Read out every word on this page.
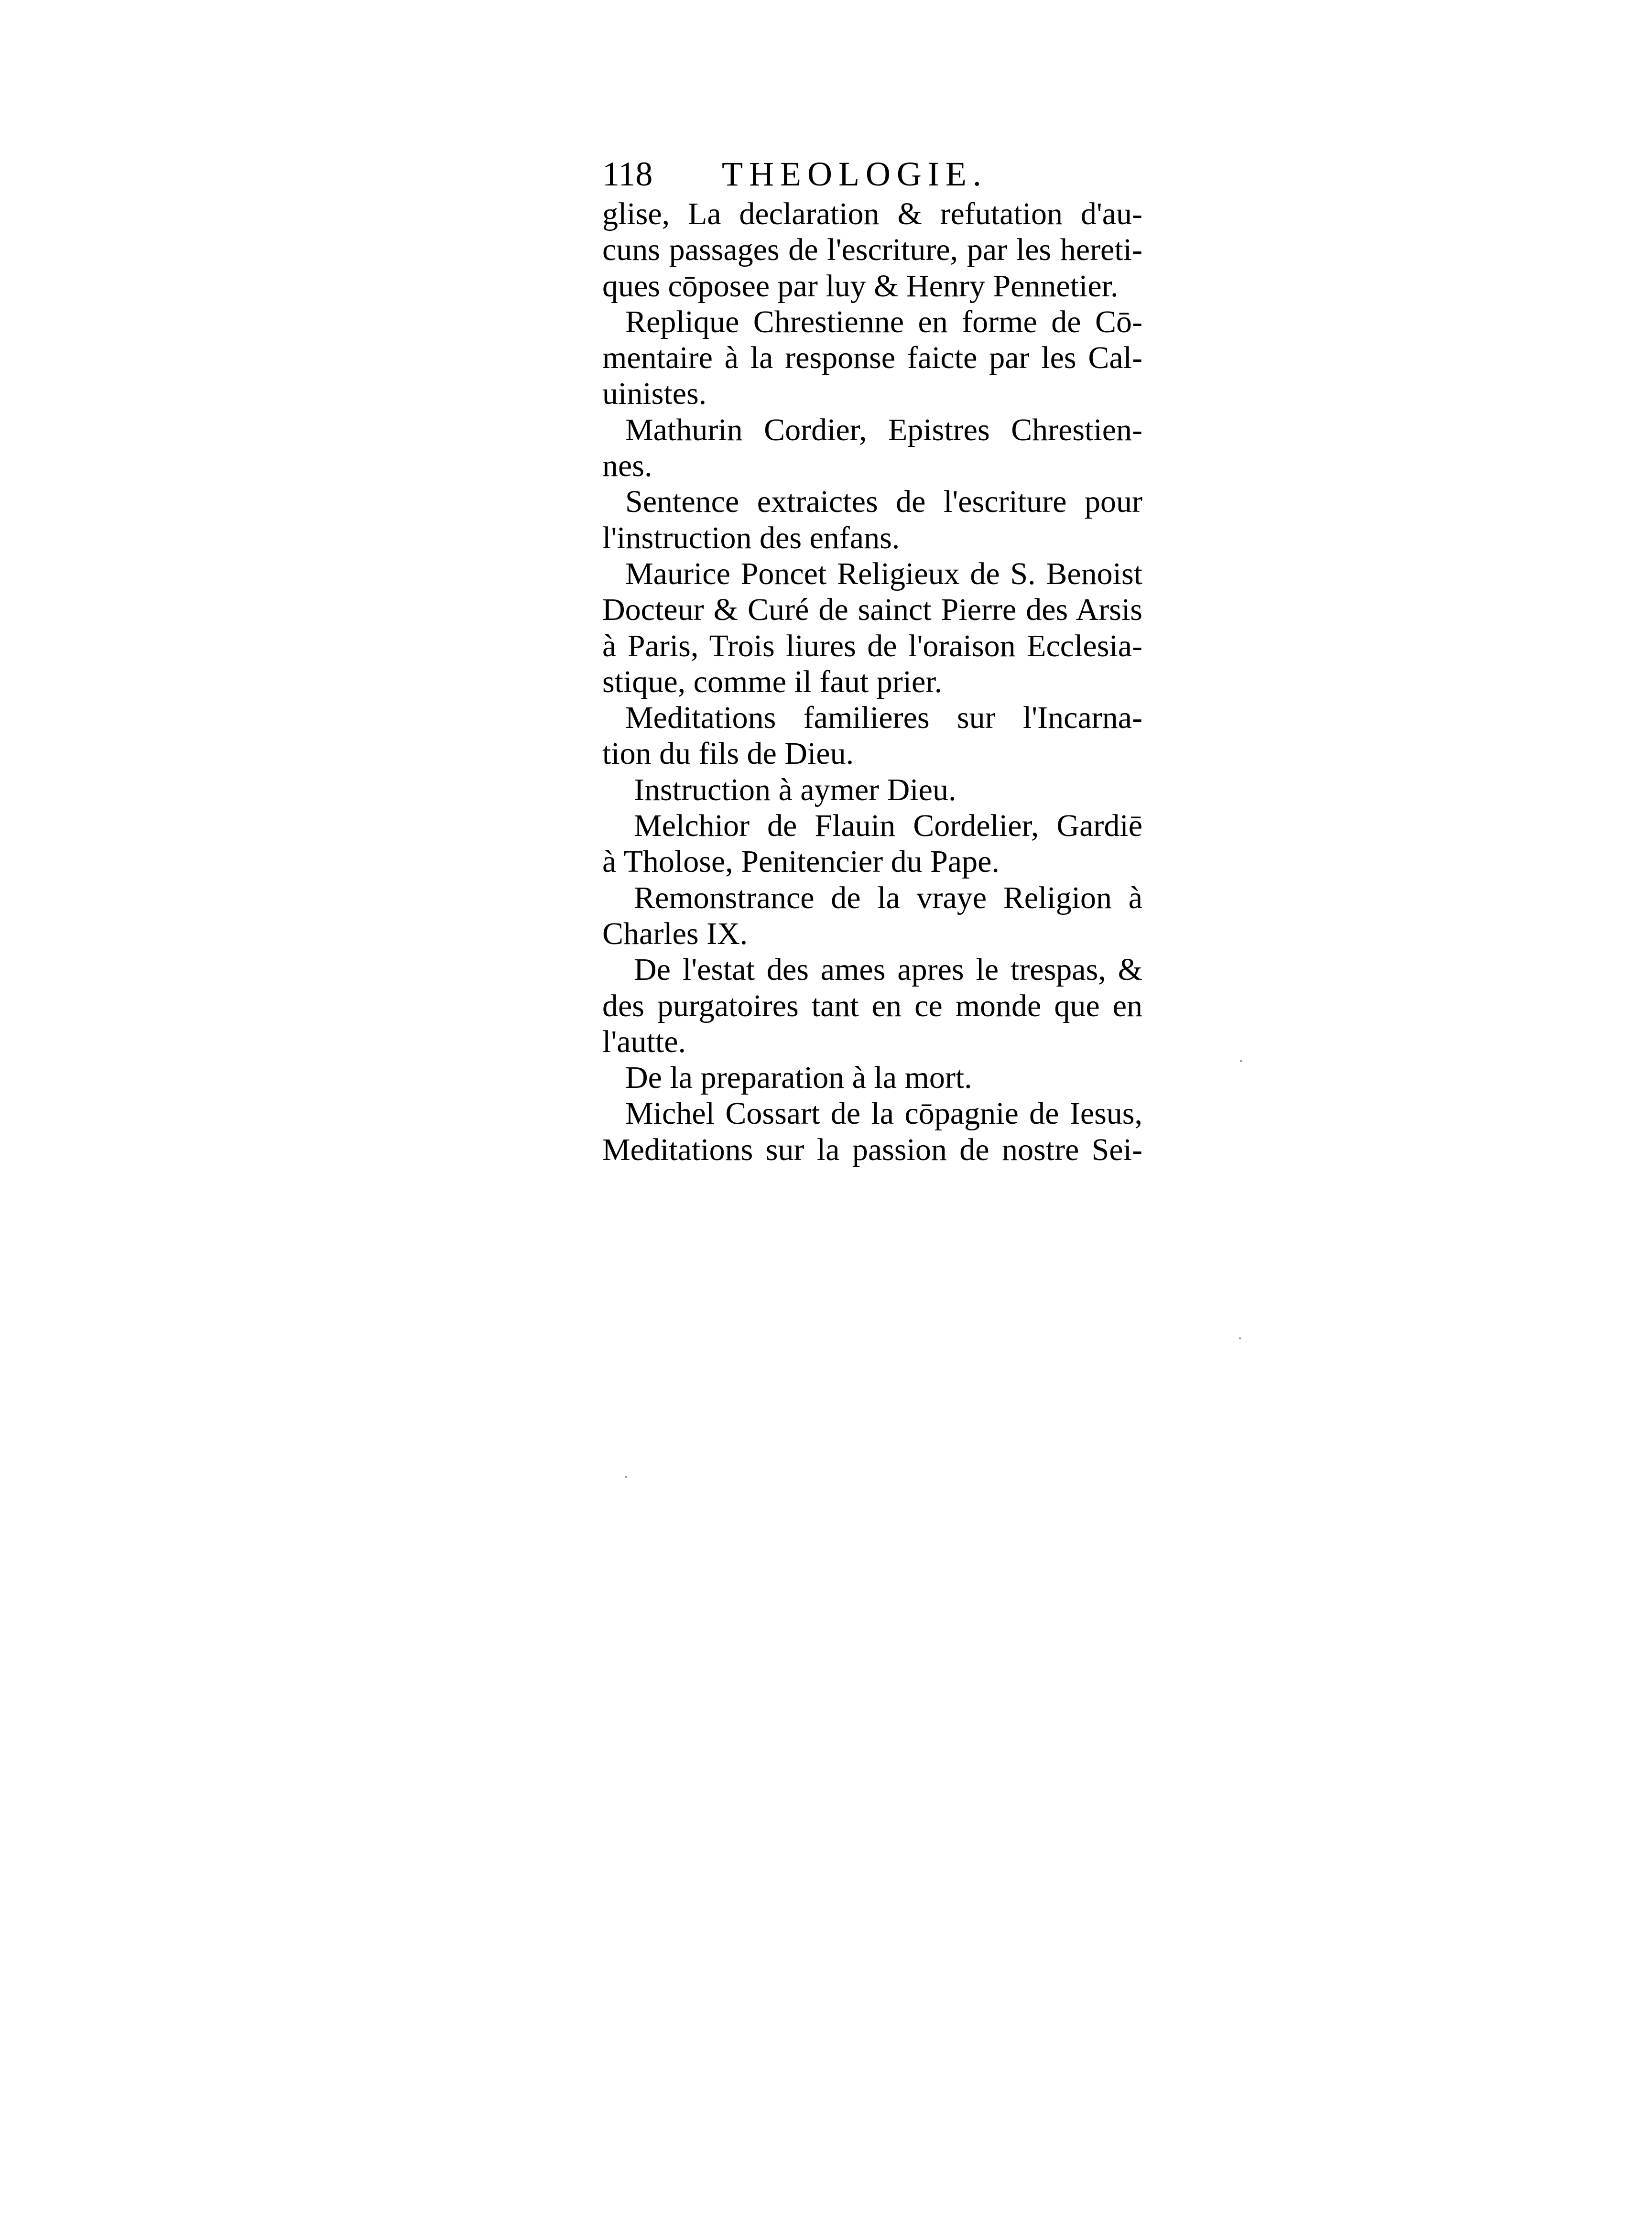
118 THEOLOGIE.
glise, La declaration & refutation d'au-
cuns passages de l'escriture, par les hereti-
ques cōposee par luy & Henry Pennetier.
Replique Chrestienne en forme de Cō-
mentaire à la response faicte par les Cal-
uinistes.
Mathurin Cordier, Epistres Chrestien-
nes.
Sentence extraictes de l'escriture pour
l'instruction des enfans.
Maurice Poncet Religieux de S. Benoist
Docteur & Curé de sainct Pierre des Arsis
à Paris, Trois liures de l'oraison Ecclesia-
stique, comme il faut prier.
Meditations familieres sur l'Incarna-
tion du fils de Dieu.
Instruction à aymer Dieu.
Melchior de Flauin Cordelier, Gardiē
à Tholose, Penitencier du Pape.
Remonstrance de la vraye Religion à
Charles IX.
De l'estat des ames apres le trespas, &
des purgatoires tant en ce monde que en
l'autte.
De la preparation à la mort.
Michel Cossart de la cōpagnie de Iesus,
Meditations sur la passion de nostre Sei-
